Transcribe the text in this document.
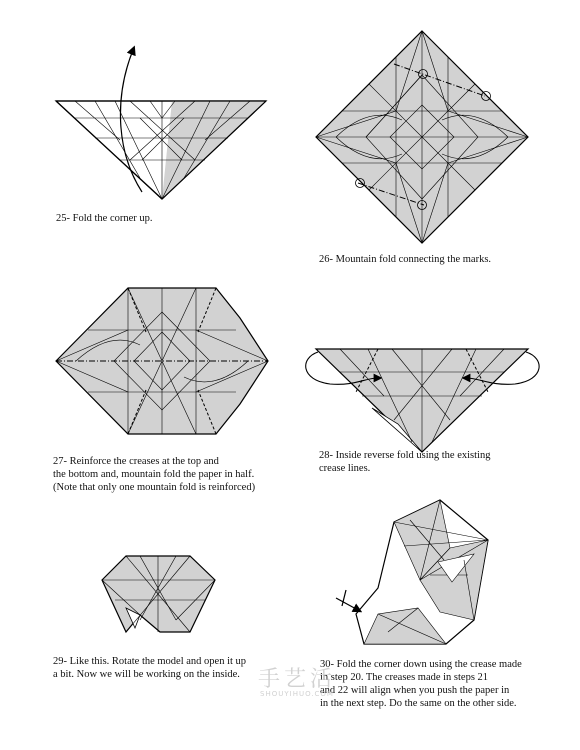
25- Fold the corner up.

26- Mountain fold connecting the marks.

27- Reinforce the creases at the top and
the bottom and, mountain fold the paper in half.
(Note that only one mountain fold is reinforced)

28- Inside reverse fold using the existing
crease lines.

29- Like this. Rotate the model and open it up
a bit. Now we will be working on the inside.

30- Fold the corner down using the crease made
in step 20. The creases made in steps 21
and 22 will align when you push the paper in
in the next step. Do the same on the other side.

手艺活
SHOUYIHUO.COM
